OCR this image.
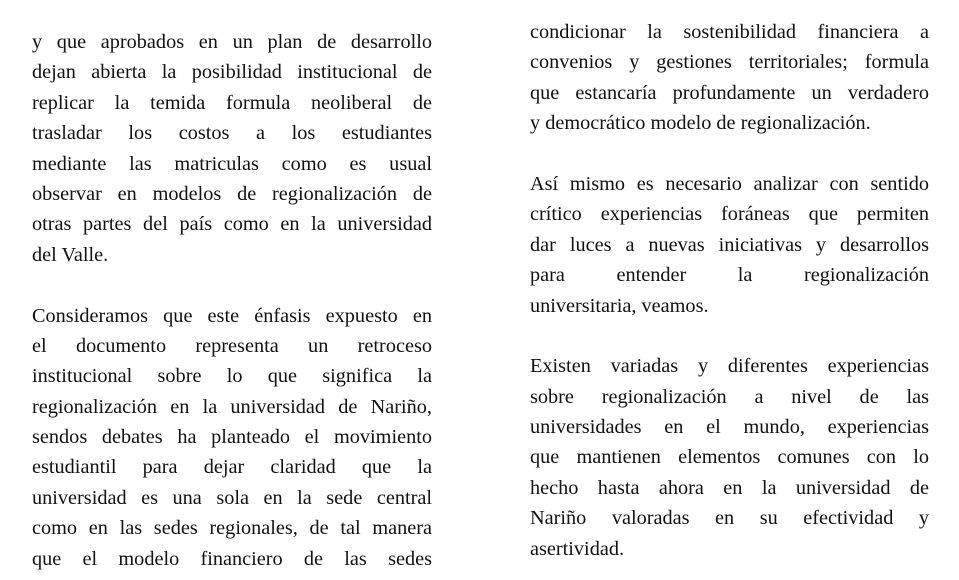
y que aprobados en un plan de desarrollo
dejan abierta la posibilidad institucional de
replicar la temida formula neoliberal de
trasladar los costos a los estudiantes
mediante las matriculas como es usual
observar en modelos de regionalización de
otras partes del país como en la universidad
del Valle.
Consideramos que este énfasis expuesto en
el documento representa un retroceso
institucional sobre lo que significa la
regionalización en la universidad de Nariño,
sendos debates ha planteado el movimiento
estudiantil para dejar claridad que la
universidad es una sola en la sede central
como en las sedes regionales, de tal manera
que el modelo financiero de las sedes
condicionar la sostenibilidad financiera a
convenios y gestiones territoriales; formula
que estancaría profundamente un verdadero
y democrático modelo de regionalización.
Así mismo es necesario analizar con sentido
crítico experiencias foráneas que permiten
dar luces a nuevas iniciativas y desarrollos
para entender la regionalización
universitaria, veamos.
Existen variadas y diferentes experiencias
sobre regionalización a nivel de las
universidades en el mundo, experiencias
que mantienen elementos comunes con lo
hecho hasta ahora en la universidad de
Nariño valoradas en su efectividad y
asertividad.
